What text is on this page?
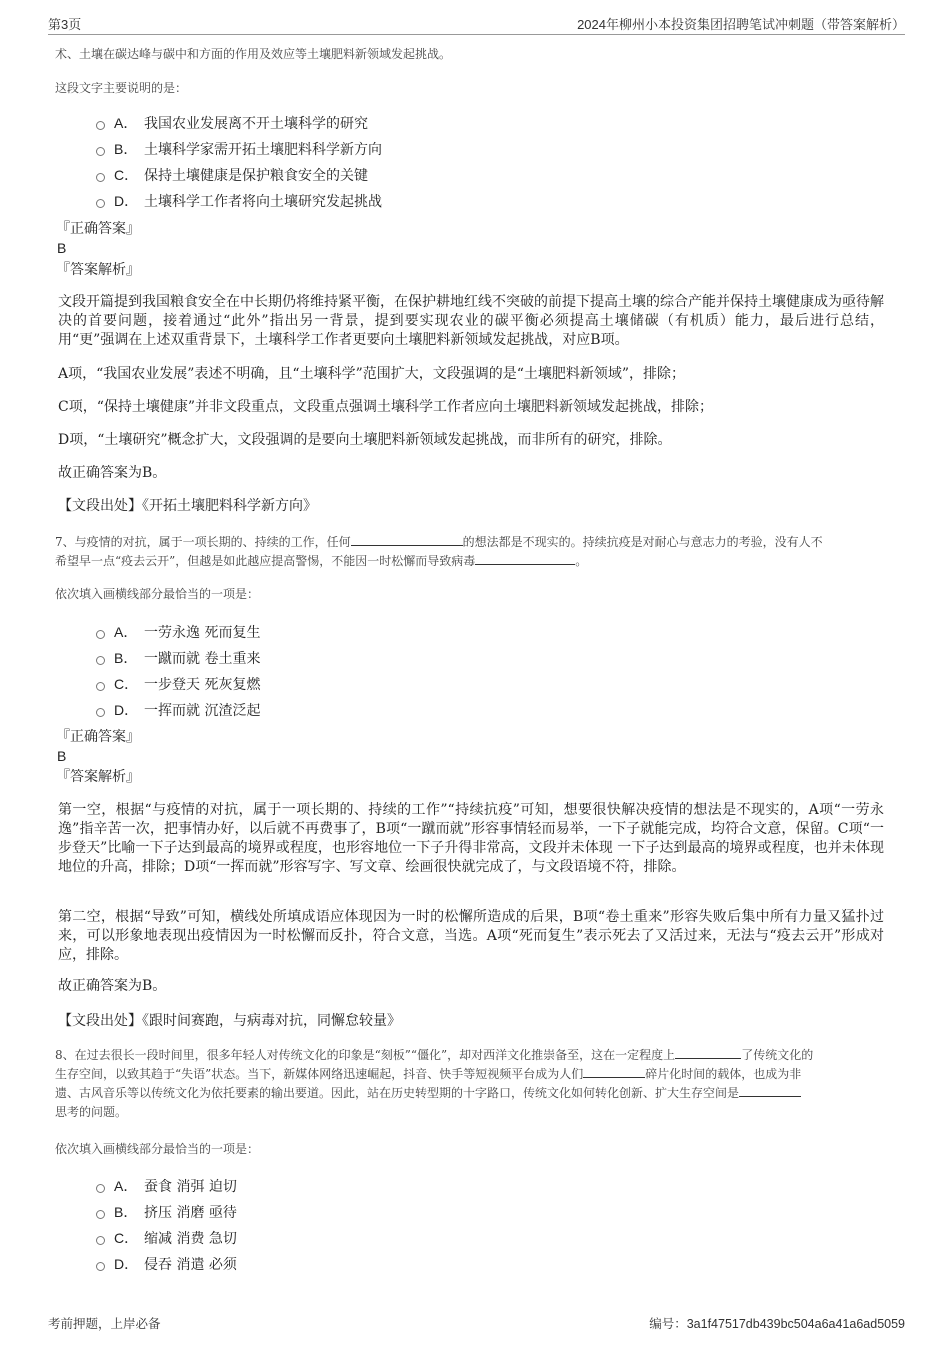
第3页	2024年柳州小本投资集团招聘笔试冲刺题（带答案解析）
术、土壤在碳达峰与碳中和方面的作用及效应等土壤肥料新领域发起挑战。
这段文字主要说明的是：
A． 我国农业发展离不开土壤科学的研究
B． 土壤科学家需开拓土壤肥料科学新方向
C． 保持土壤健康是保护粮食安全的关键
D． 土壤科学工作者将向土壤研究发起挑战
『正确答案』
B
『答案解析』
文段开篇提到我国粮食安全在中长期仍将维持紧平衡，在保护耕地红线不突破的前提下提高土壤的综合产能并保持土壤健康成为亟待解决的首要问题，接着通过“此外”指出另一背景，提到要实现农业的碳平衡必须提高土壤储碳（有机质）能力，最后进行总结，用“更”强调在上述双重背景下，土壤科学工作者更要向土壤肥料新领域发起挑战，对应B项。
A项，“我国农业发展”表述不明确，且“土壤科学”范围扩大，文段强调的是“土壤肥料新领域”，排除；
C项，“保持土壤健康”并非文段重点，文段重点强调土壤科学工作者应向土壤肥料新领域发起挑战，排除；
D项，“土壤研究”概念扩大，文段强调的是要向土壤肥料新领域发起挑战，而非所有的研究，排除。
故正确答案为B。
【文段出处】《开拓土壤肥料科学新方向》
7、与疫情的对抗，属于一项长期的、持续的工作，任何	的想法都是不现实的。持续抗疫是对耐心与意志力的考验，没有人不
希望早一点“疫去云开”，但越是如此越应提高警惕，不能因一时松懈而导致病毒	。
依次填入画横线部分最恰当的一项是：
A． 一劳永逸 死而复生
B． 一蹴而就 卷土重来
C． 一步登天 死灰复燃
D． 一挥而就 沉渣泛起
『正确答案』
B
『答案解析』
第一空，根据“与疫情的对抗，属于一项长期的、持续的工作”“持续抗疫”可知，想要很快解决疫情的想法是不现实的，A项“一劳永逸”指辛苦一次，把事情办好，以后就不再费事了，B项“一蹴而就”形容事情轻而易举，一下子就能完成，均符合文意，保留。C项“一步登天”比喻一下子达到最高的境界或程度，也形容地位一下子升得非常高，文段并未体现 一下子达到最高的境界或程度，也并未体现地位的升高，排除；D项“一挥而就”形容写字、写文章、绘画很快就完成了，与文段语境不符，排除。
第二空，根据“导致”可知，横线处所填成语应体现因为一时的松懈所造成的后果，B项“卷土重来”形容失败后集中所有力量又猛扑过来，可以形象地表现出疫情因为一时松懈而反扑，符合文意，当选。A项“死而复生”表示死去了又活过来，无法与“疫去云开”形成对应，排除。
故正确答案为B。
【文段出处】《跟时间赛跑，与病毒对抗，同懈怠较量》
8、在过去很长一段时间里，很多年轻人对传统文化的印象是“刻板”“僵化”，却对西洋文化推崇备至，这在一定程度上	了传统文化的
生存空间，以致其趋于“失语”状态。当下，新媒体网络迅速崛起，抖音、快手等短视频平台成为人们	碎片化时间的载体，也成为非
遗、古风音乐等以传统文化为依托要素的输出要道。因此，站在历史转型期的十字路口，传统文化如何转化创新、扩大生存空间是
思考的问题。
依次填入画横线部分最恰当的一项是：
A． 蚕食 消弭 迫切
B． 挤压 消磨 亟待
C． 缩减 消费 急切
D． 侵吞 消遣 必须
考前押题，上岸必备	编号：3a1f47517db439bc504a6a41a6ad5059
